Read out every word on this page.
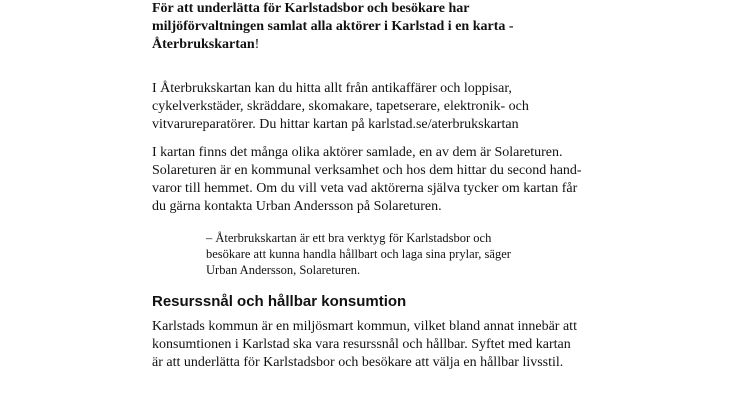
För att underlätta för Karlstadsbor och besökare har
miljöförvaltningen samlat alla aktörer i Karlstad i en karta -
Återbrukskartan!

I Återbrukskartan kan du hitta allt från antikaffärer och loppisar,
cykelverkstäder, skräddare, skomakare, tapetserare, elektronik- och
vitvarureparatörer. Du hittar kartan på karlstad.se/aterbrukskartan

I kartan finns det många olika aktörer samlade, en av dem är Solareturen.
Solareturen är en kommunal verksamhet och hos dem hittar du second hand-
varor till hemmet. Om du vill veta vad aktörerna själva tycker om kartan får
du gärna kontakta Urban Andersson på Solareturen.

– Återbrukskartan är ett bra verktyg för Karlstadsbor och
besökare att kunna handla hållbart och laga sina prylar, säger
Urban Andersson, Solareturen.
Resurssnål och hållbar konsumtion

Karlstads kommun är en miljösmart kommun, vilket bland annat innebär att
konsumtionen i Karlstad ska vara resurssnål och hållbar. Syftet med kartan
är att underlätta för Karlstadsbor och besökare att välja en hållbar livsstil.
